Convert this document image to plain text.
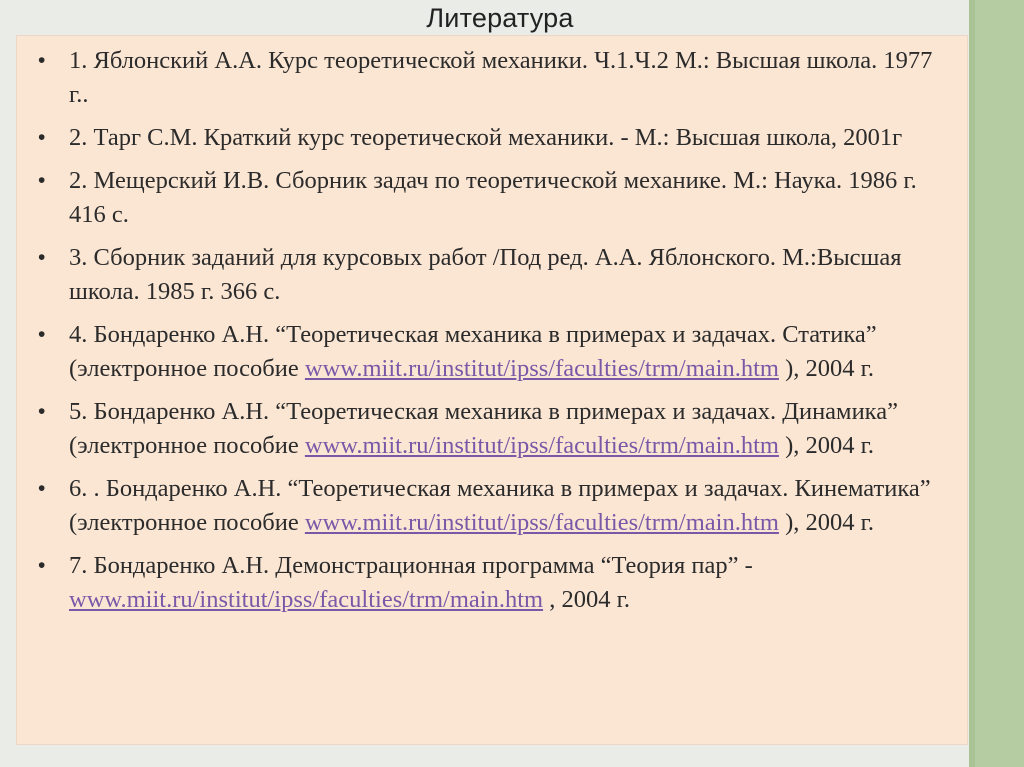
Литература
• 1. Яблонский А.А. Курс теоретической механики. Ч.1.Ч.2 М.: Высшая школа. 1977 г..
• 2. Тарг С.М. Краткий курс теоретической механики. - М.: Высшая школа, 2001г
• 2. Мещерский И.В. Сборник задач по теоретической механике. М.: Наука. 1986 г. 416 с.
• 3. Сборник заданий для курсовых работ /Под ред. А.А. Яблонского. М.:Высшая школа. 1985 г. 366 с.
• 4. Бондаренко А.Н. “Теоретическая механика в примерах и задачах. Статика” (электронное пособие www.miit.ru/institut/ipss/faculties/trm/main.htm ), 2004 г.
• 5. Бондаренко А.Н. “Теоретическая механика в примерах и задачах. Динамика” (электронное пособие www.miit.ru/institut/ipss/faculties/trm/main.htm ), 2004 г.
• 6. . Бондаренко А.Н. “Теоретическая механика в примерах и задачах. Кинематика” (электронное пособие www.miit.ru/institut/ipss/faculties/trm/main.htm ), 2004 г.
• 7. Бондаренко А.Н. Демонстрационная программа “Теория пар” - www.miit.ru/institut/ipss/faculties/trm/main.htm , 2004 г.
